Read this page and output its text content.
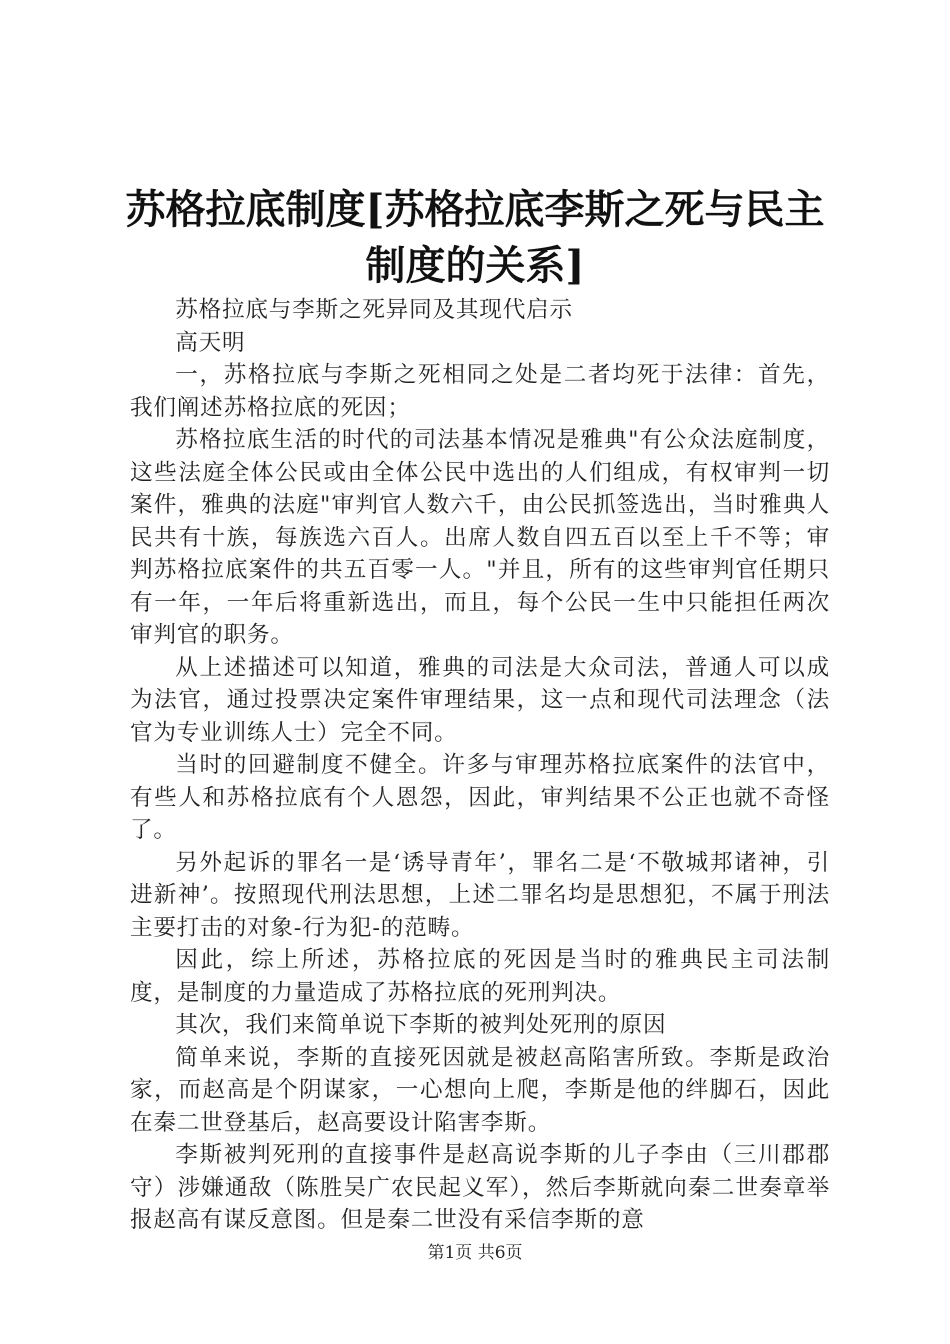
苏格拉底制度[苏格拉底李斯之死与民主制度的关系]

苏格拉底与李斯之死异同及其现代启示

高天明

一，苏格拉底与李斯之死相同之处是二者均死于法律：首先，我们阐述苏格拉底的死因；

苏格拉底生活的时代的司法基本情况是雅典"有公众法庭制度，这些法庭全体公民或由全体公民中选出的人们组成，有权审判一切案件，雅典的法庭"审判官人数六千，由公民抓签选出，当时雅典人民共有十族，每族选六百人。出席人数自四五百以至上千不等；审判苏格拉底案件的共五百零一人。"并且，所有的这些审判官任期只有一年，一年后将重新选出，而且，每个公民一生中只能担任两次审判官的职务。

从上述描述可以知道，雅典的司法是大众司法，普通人可以成为法官，通过投票决定案件审理结果，这一点和现代司法理念（法官为专业训练人士）完全不同。

当时的回避制度不健全。许多与审理苏格拉底案件的法官中，有些人和苏格拉底有个人恩怨，因此，审判结果不公正也就不奇怪了。

另外起诉的罪名一是‘诱导青年’，罪名二是‘不敬城邦诸神，引进新神’。按照现代刑法思想，上述二罪名均是思想犯，不属于刑法主要打击的对象-行为犯-的范畴。

因此，综上所述，苏格拉底的死因是当时的雅典民主司法制度，是制度的力量造成了苏格拉底的死刑判决。

其次，我们来简单说下李斯的被判处死刑的原因

简单来说，李斯的直接死因就是被赵高陷害所致。李斯是政治家，而赵高是个阴谋家，一心想向上爬，李斯是他的绊脚石，因此在秦二世登基后，赵高要设计陷害李斯。

李斯被判死刑的直接事件是赵高说李斯的儿子李由（三川郡郡守）涉嫌通敌（陈胜吴广农民起义军），然后李斯就向秦二世奏章举报赵高有谋反意图。但是秦二世没有采信李斯的意

第1页 共6页
